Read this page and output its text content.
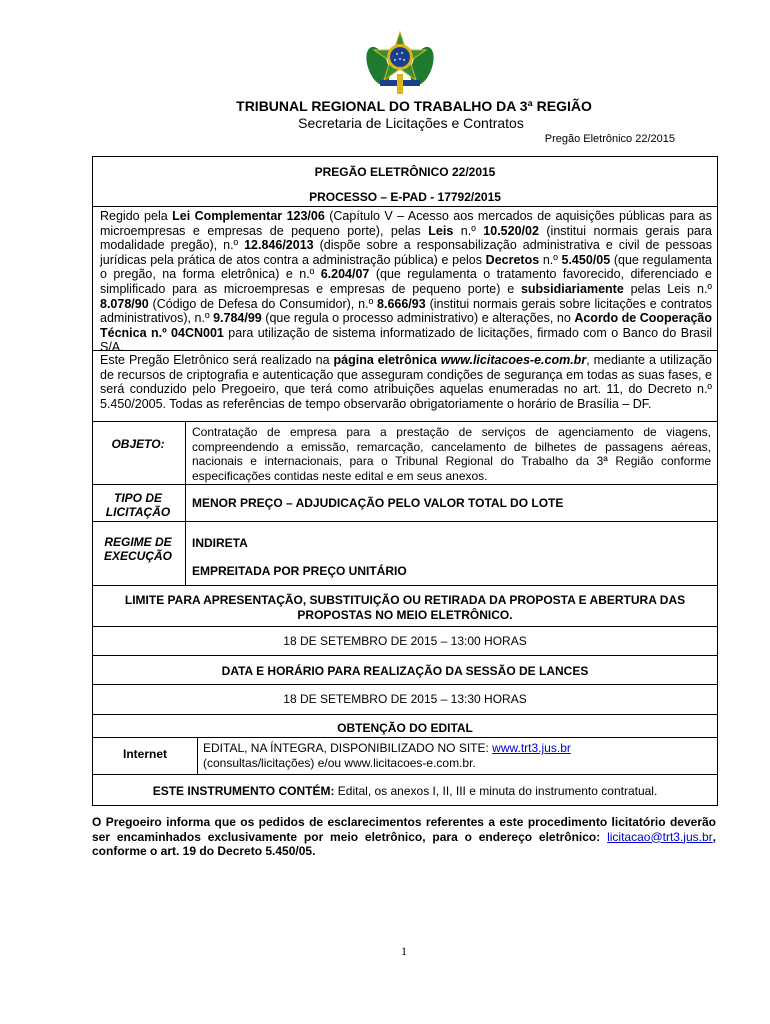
TRIBUNAL REGIONAL DO TRABALHO DA 3ª REGIÃO
Secretaria de Licitações e Contratos
Pregão Eletrônico 22/2015
PREGÃO ELETRÔNICO 22/2015
PROCESSO – E-PAD - 17792/2015
Regido pela Lei Complementar 123/06 (Capítulo V – Acesso aos mercados de aquisições públicas para as microempresas e empresas de pequeno porte), pelas Leis n.º 10.520/02 (institui normais gerais para modalidade pregão), n.º 12.846/2013 (dispõe sobre a responsabilização administrativa e civil de pessoas jurídicas pela prática de atos contra a administração pública) e pelos Decretos n.º 5.450/05 (que regulamenta o pregão, na forma eletrônica) e n.º 6.204/07 (que regulamenta o tratamento favorecido, diferenciado e simplificado para as microempresas e empresas de pequeno porte) e subsidiariamente pelas Leis n.º 8.078/90 (Código de Defesa do Consumidor), n.º 8.666/93 (institui normais gerais sobre licitações e contratos administrativos), n.º 9.784/99 (que regula o processo administrativo) e alterações, no Acordo de Cooperação Técnica n.º 04CN001 para utilização de sistema informatizado de licitações, firmado com o Banco do Brasil S/A.
Este Pregão Eletrônico será realizado na página eletrônica www.licitacoes-e.com.br, mediante a utilização de recursos de criptografia e autenticação que asseguram condições de segurança em todas as suas fases, e será conduzido pelo Pregoeiro, que terá como atribuições aquelas enumeradas no art. 11, do Decreto n.º 5.450/2005. Todas as referências de tempo observarão obrigatoriamente o horário de Brasília – DF.
OBJETO:
Contratação de empresa para a prestação de serviços de agenciamento de viagens, compreendendo a emissão, remarcação, cancelamento de bilhetes de passagens aéreas, nacionais e internacionais, para o Tribunal Regional do Trabalho da 3ª Região conforme especificações contidas neste edital e em seus anexos.
TIPO DE
LICITAÇÃO
MENOR PREÇO – ADJUDICAÇÃO PELO VALOR TOTAL DO LOTE
REGIME DE
EXECUÇÃO
INDIRETA
EMPREITADA POR PREÇO UNITÁRIO
LIMITE PARA APRESENTAÇÃO, SUBSTITUIÇÃO OU RETIRADA DA PROPOSTA E ABERTURA DAS
PROPOSTAS NO MEIO ELETRÔNICO.
18 DE SETEMBRO DE 2015 – 13:00 HORAS
DATA E HORÁRIO PARA REALIZAÇÃO DA SESSÃO DE LANCES
18 DE SETEMBRO DE 2015 – 13:30 HORAS
OBTENÇÃO DO EDITAL
Internet	EDITAL, NA ÍNTEGRA, DISPONIBILIZADO NO SITE: www.trt3.jus.br
(consultas/licitações) e/ou www.licitacoes-e.com.br.
ESTE INSTRUMENTO CONTÉM: Edital, os anexos I, II, III e minuta do instrumento contratual.
O Pregoeiro informa que os pedidos de esclarecimentos referentes a este procedimento licitatório deverão ser encaminhados exclusivamente por meio eletrônico, para o endereço eletrônico: licitacao@trt3.jus.br, conforme o art. 19 do Decreto 5.450/05.
1
